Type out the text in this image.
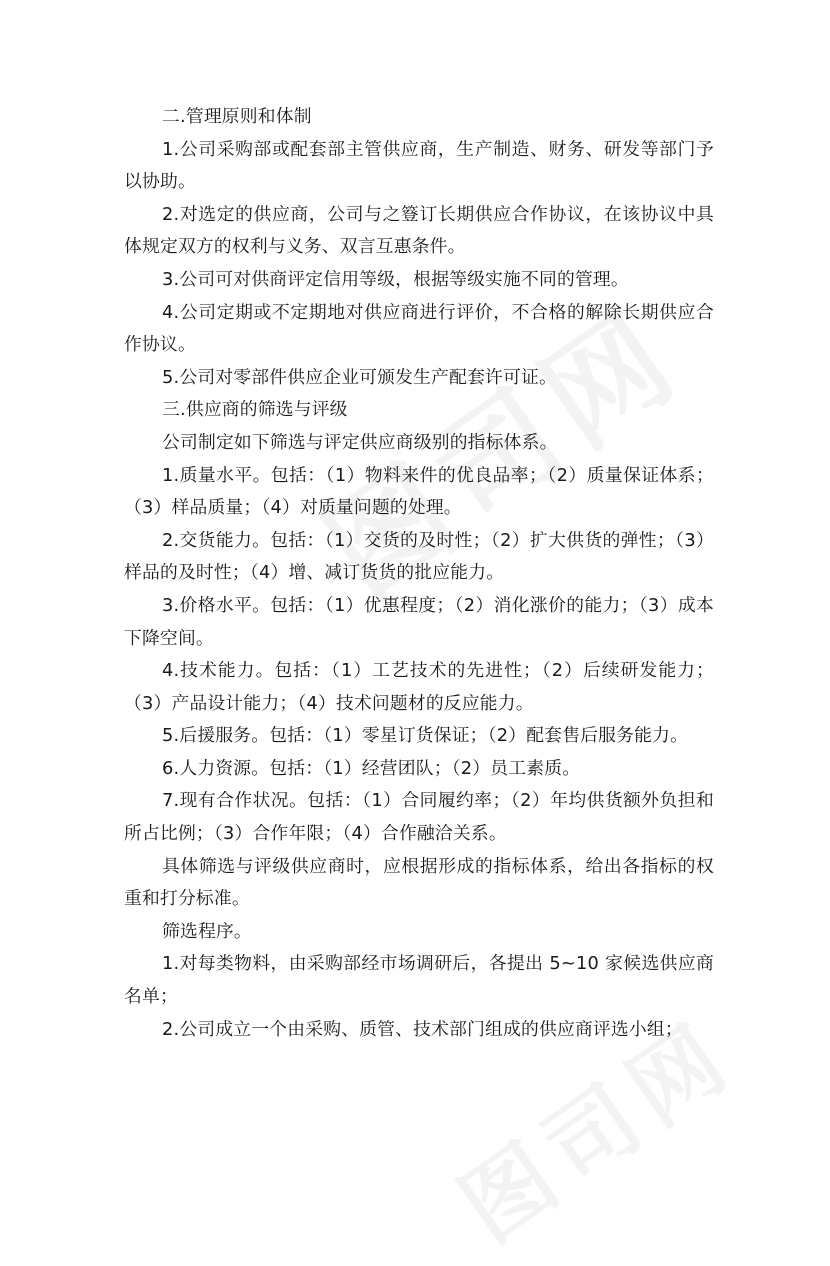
二.管理原则和体制

1.公司采购部或配套部主管供应商，生产制造、财务、研发等部门予以协助。

2.对选定的供应商，公司与之簦订长期供应合作协议，在该协议中具体规定双方的权利与义务、双言互惠条件。

3.公司可对供商评定信用等级，根据等级实施不同的管理。

4.公司定期或不定期地对供应商进行评价，不合格的解除长期供应合作协议。

5.公司对零部件供应企业可颁发生产配套许可证。

三.供应商的筛选与评级

公司制定如下筛选与评定供应商级别的指标体系。

1.质量水平。包括：（1）物料来件的优良品率；（2）质量保证体系；（3）样品质量；（4）对质量问题的处理。

2.交货能力。包括：（1）交货的及时性；（2）扩大供货的弹性；（3）样品的及时性；（4）增、减订货货的批应能力。

3.价格水平。包括：（1）优惠程度；（2）消化涨价的能力；（3）成本下降空间。

4.技术能力。包括：（1）工艺技术的先进性；（2）后续研发能力；（3）产品设计能力；（4）技术问题材的反应能力。

5.后援服务。包括：（1）零星订货保证；（2）配套售后服务能力。

6.人力资源。包括：（1）经营团队；（2）员工素质。

7.现有合作状况。包括：（1）合同履约率；（2）年均供货额外负担和所占比例；（3）合作年限；（4）合作融洽关系。

具体筛选与评级供应商时，应根据形成的指标体系，给出各指标的权重和打分标准。

筛选程序。

1.对每类物料，由采购部经市场调研后，各提出 5~10 家候选供应商名单；

2.公司成立一个由采购、质管、技术部门组成的供应商评选小组；
